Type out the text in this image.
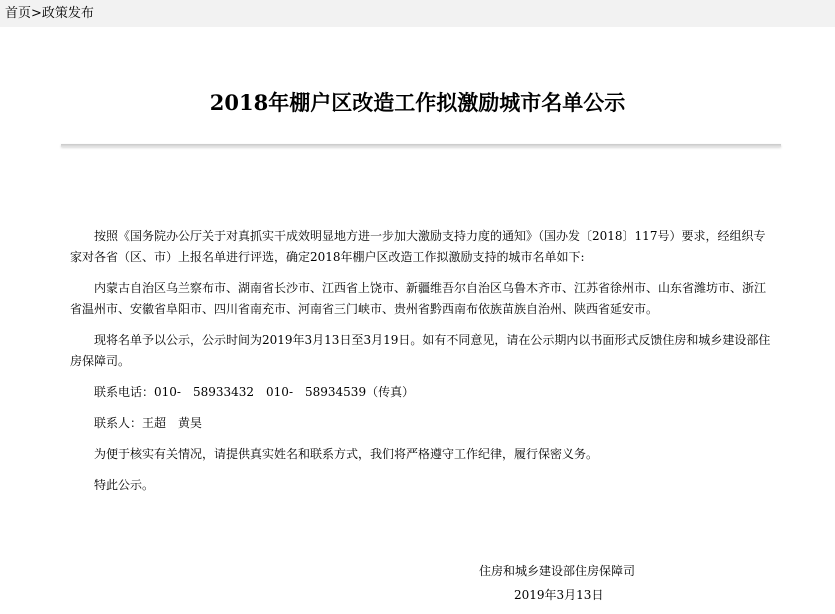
首页>政策发布
2018年棚户区改造工作拟激励城市名单公示

按照《国务院办公厅关于对真抓实干成效明显地方进一步加大激励支持力度的通知》（国办发〔2018〕117号）要求，经组织专家对各省（区、市）上报名单进行评选，确定2018年棚户区改造工作拟激励支持的城市名单如下:

内蒙古自治区乌兰察布市、湖南省长沙市、江西省上饶市、新疆维吾尔自治区乌鲁木齐市、江苏省徐州市、山东省潍坊市、浙江省温州市、安徽省阜阳市、四川省南充市、河南省三门峡市、贵州省黔西南布依族苗族自治州、陕西省延安市。

现将名单予以公示，公示时间为2019年3月13日至3月19日。如有不同意见，请在公示期内以书面形式反馈住房和城乡建设部住房保障司。

联系电话：010-　58933432　010-　58934539（传真）

联系人：王超　黄昊

为便于核实有关情况，请提供真实姓名和联系方式，我们将严格遵守工作纪律，履行保密义务。

特此公示。

住房和城乡建设部住房保障司
2019年3月13日
